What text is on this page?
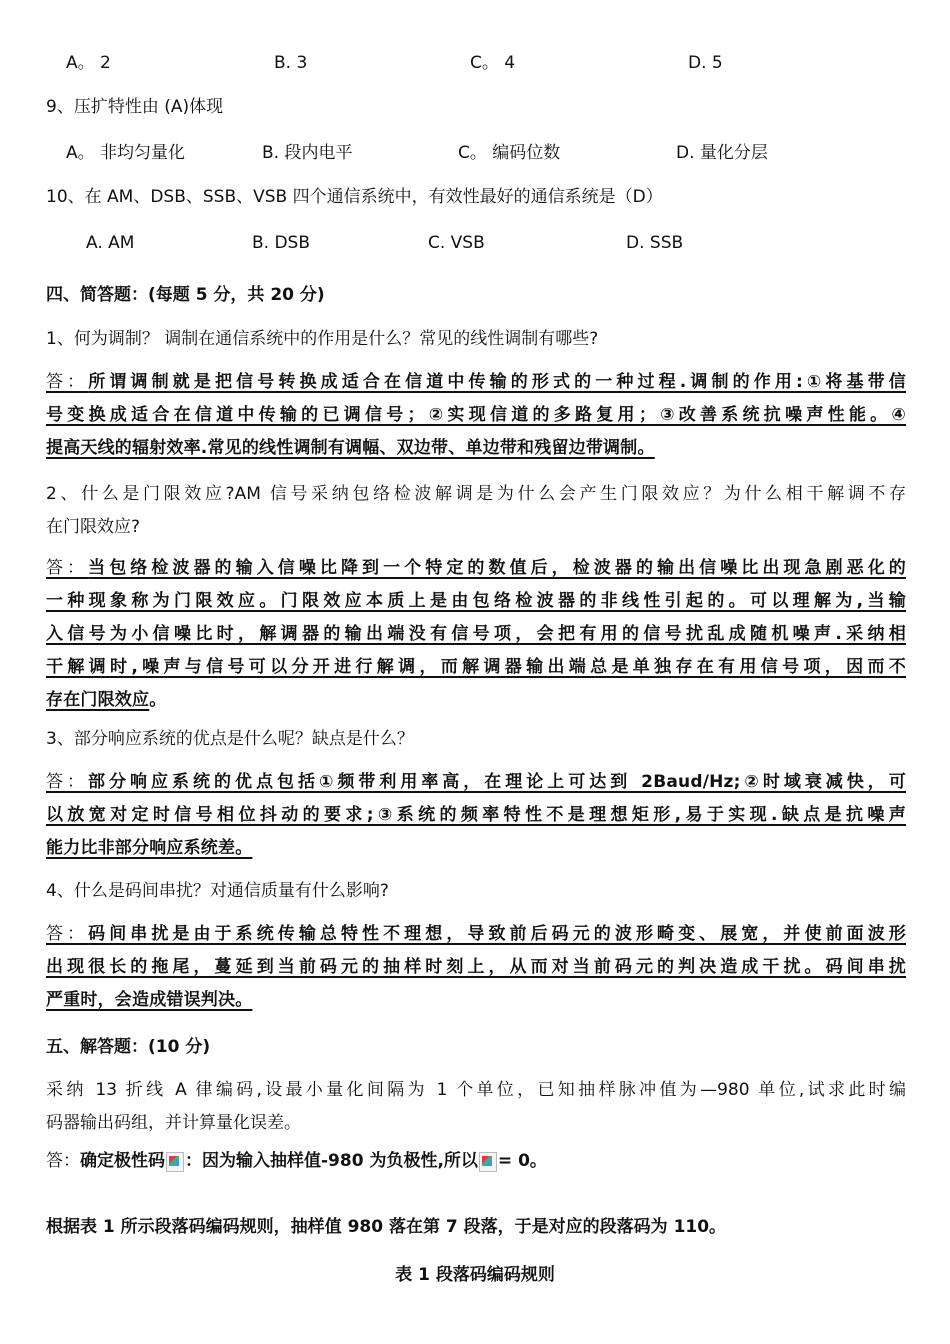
A。 2	B. 3	C。 4	D. 5
9、压扩特性由 (A)体现
A。 非均匀量化	B. 段内电平	C。 编码位数	D. 量化分层
10、在 AM、DSB、SSB、VSB 四个通信系统中，有效性最好的通信系统是（D）
A. AM	B. DSB	C. VSB	D. SSB
四、简答题：(每题 5 分，共 20 分)
1、何为调制？ 调制在通信系统中的作用是什么？常见的线性调制有哪些?
答：所谓调制就是把信号转换成适合在信道中传输的形式的一种过程.调制的作用:①将基带信
号变换成适合在信道中传输的已调信号；②实现信道的多路复用；③改善系统抗噪声性能。④
提高天线的辐射效率.常见的线性调制有调幅、双边带、单边带和残留边带调制。
2、什么是门限效应?AM 信号采纳包络检波解调是为什么会产生门限效应？为什么相干解调不存
在门限效应?
答：当包络检波器的输入信噪比降到一个特定的数值后，检波器的输出信噪比出现急剧恶化的
一种现象称为门限效应。门限效应本质上是由包络检波器的非线性引起的。可以理解为,当输
入信号为小信噪比时，解调器的输出端没有信号项，会把有用的信号扰乱成随机噪声.采纳相
干解调时,噪声与信号可以分开进行解调，而解调器输出端总是单独存在有用信号项，因而不
存在门限效应。
3、部分响应系统的优点是什么呢？缺点是什么？
答：部分响应系统的优点包括①频带利用率高，在理论上可达到 2Baud/Hz;②时域衰减快，可
以放宽对定时信号相位抖动的要求;③系统的频率特性不是理想矩形,易于实现.缺点是抗噪声
能力比非部分响应系统差。
4、什么是码间串扰？对通信质量有什么影响?
答：码间串扰是由于系统传输总特性不理想，导致前后码元的波形畸变、展宽，并使前面波形
出现很长的拖尾，蔓延到当前码元的抽样时刻上，从而对当前码元的判决造成干扰。码间串扰
严重时，会造成错误判决。
五、解答题：(10 分)
采纳 13 折线 A 律编码,设最小量化间隔为 1 个单位，已知抽样脉冲值为—980 单位,试求此时编
码器输出码组，并计算量化误差。
答：确定极性码 ：因为输入抽样值-980 为负极性,所以 = 0。
根据表 1 所示段落码编码规则，抽样值 980 落在第 7 段落，于是对应的段落码为 110。
表 1 段落码编码规则
